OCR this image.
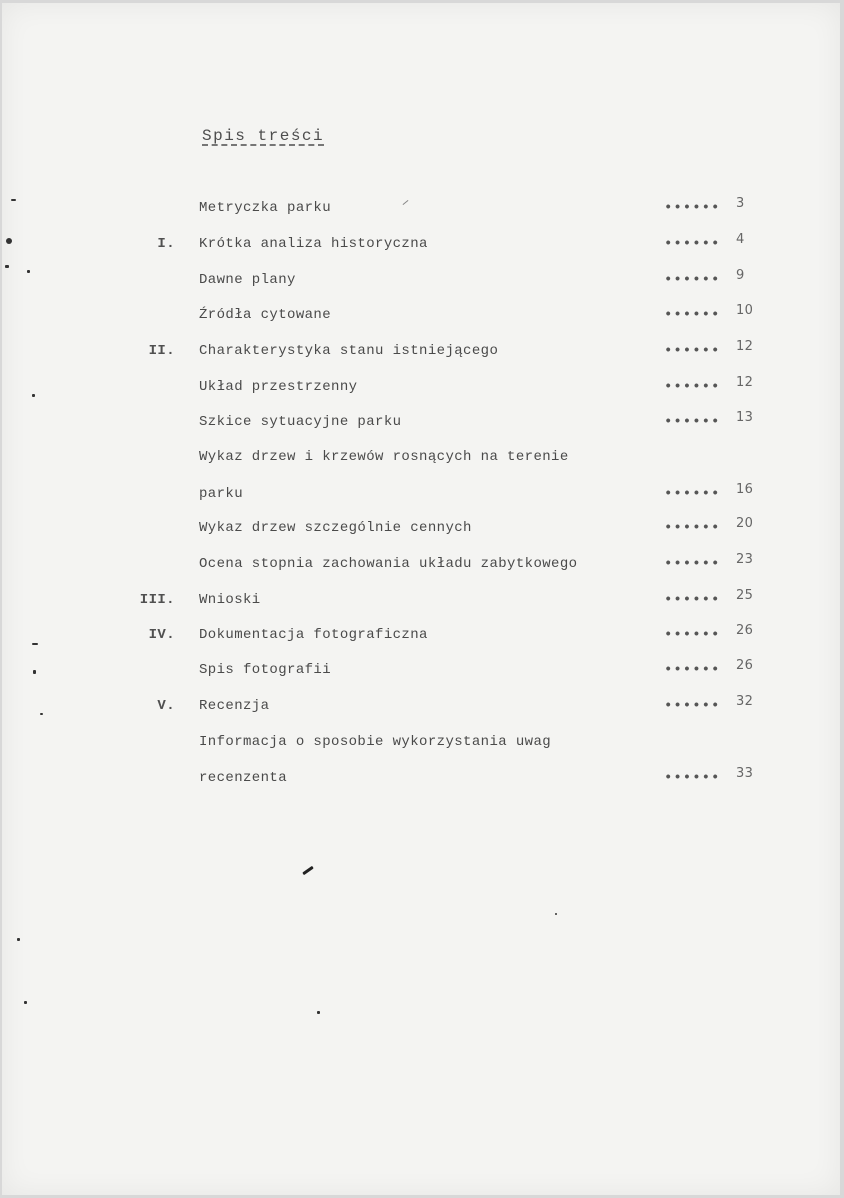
Spis treści
Metryczka parku	•••••• 3
I. Krótka analiza historyczna	•••••• 4
Dawne plany	•••••• 9
Źródła cytowane	•••••• 10
II. Charakterystyka stanu istniejącego	•••••• 12
Układ przestrzenny	•••••• 12
Szkice sytuacyjne parku	•••••• 13
Wykaz drzew i krzewów rosnących na terenie
parku	•••••• 16
Wykaz drzew szczególnie cennych	•••••• 20
Ocena stopnia zachowania układu zabytkowego	•••••• 23
III. Wnioski	•••••• 25
IV. Dokumentacja fotograficzna	•••••• 26
Spis fotografii	•••••• 26
V. Recenzja	•••••• 32
Informacja o sposobie wykorzystania uwag
recenzenta	•••••• 33
